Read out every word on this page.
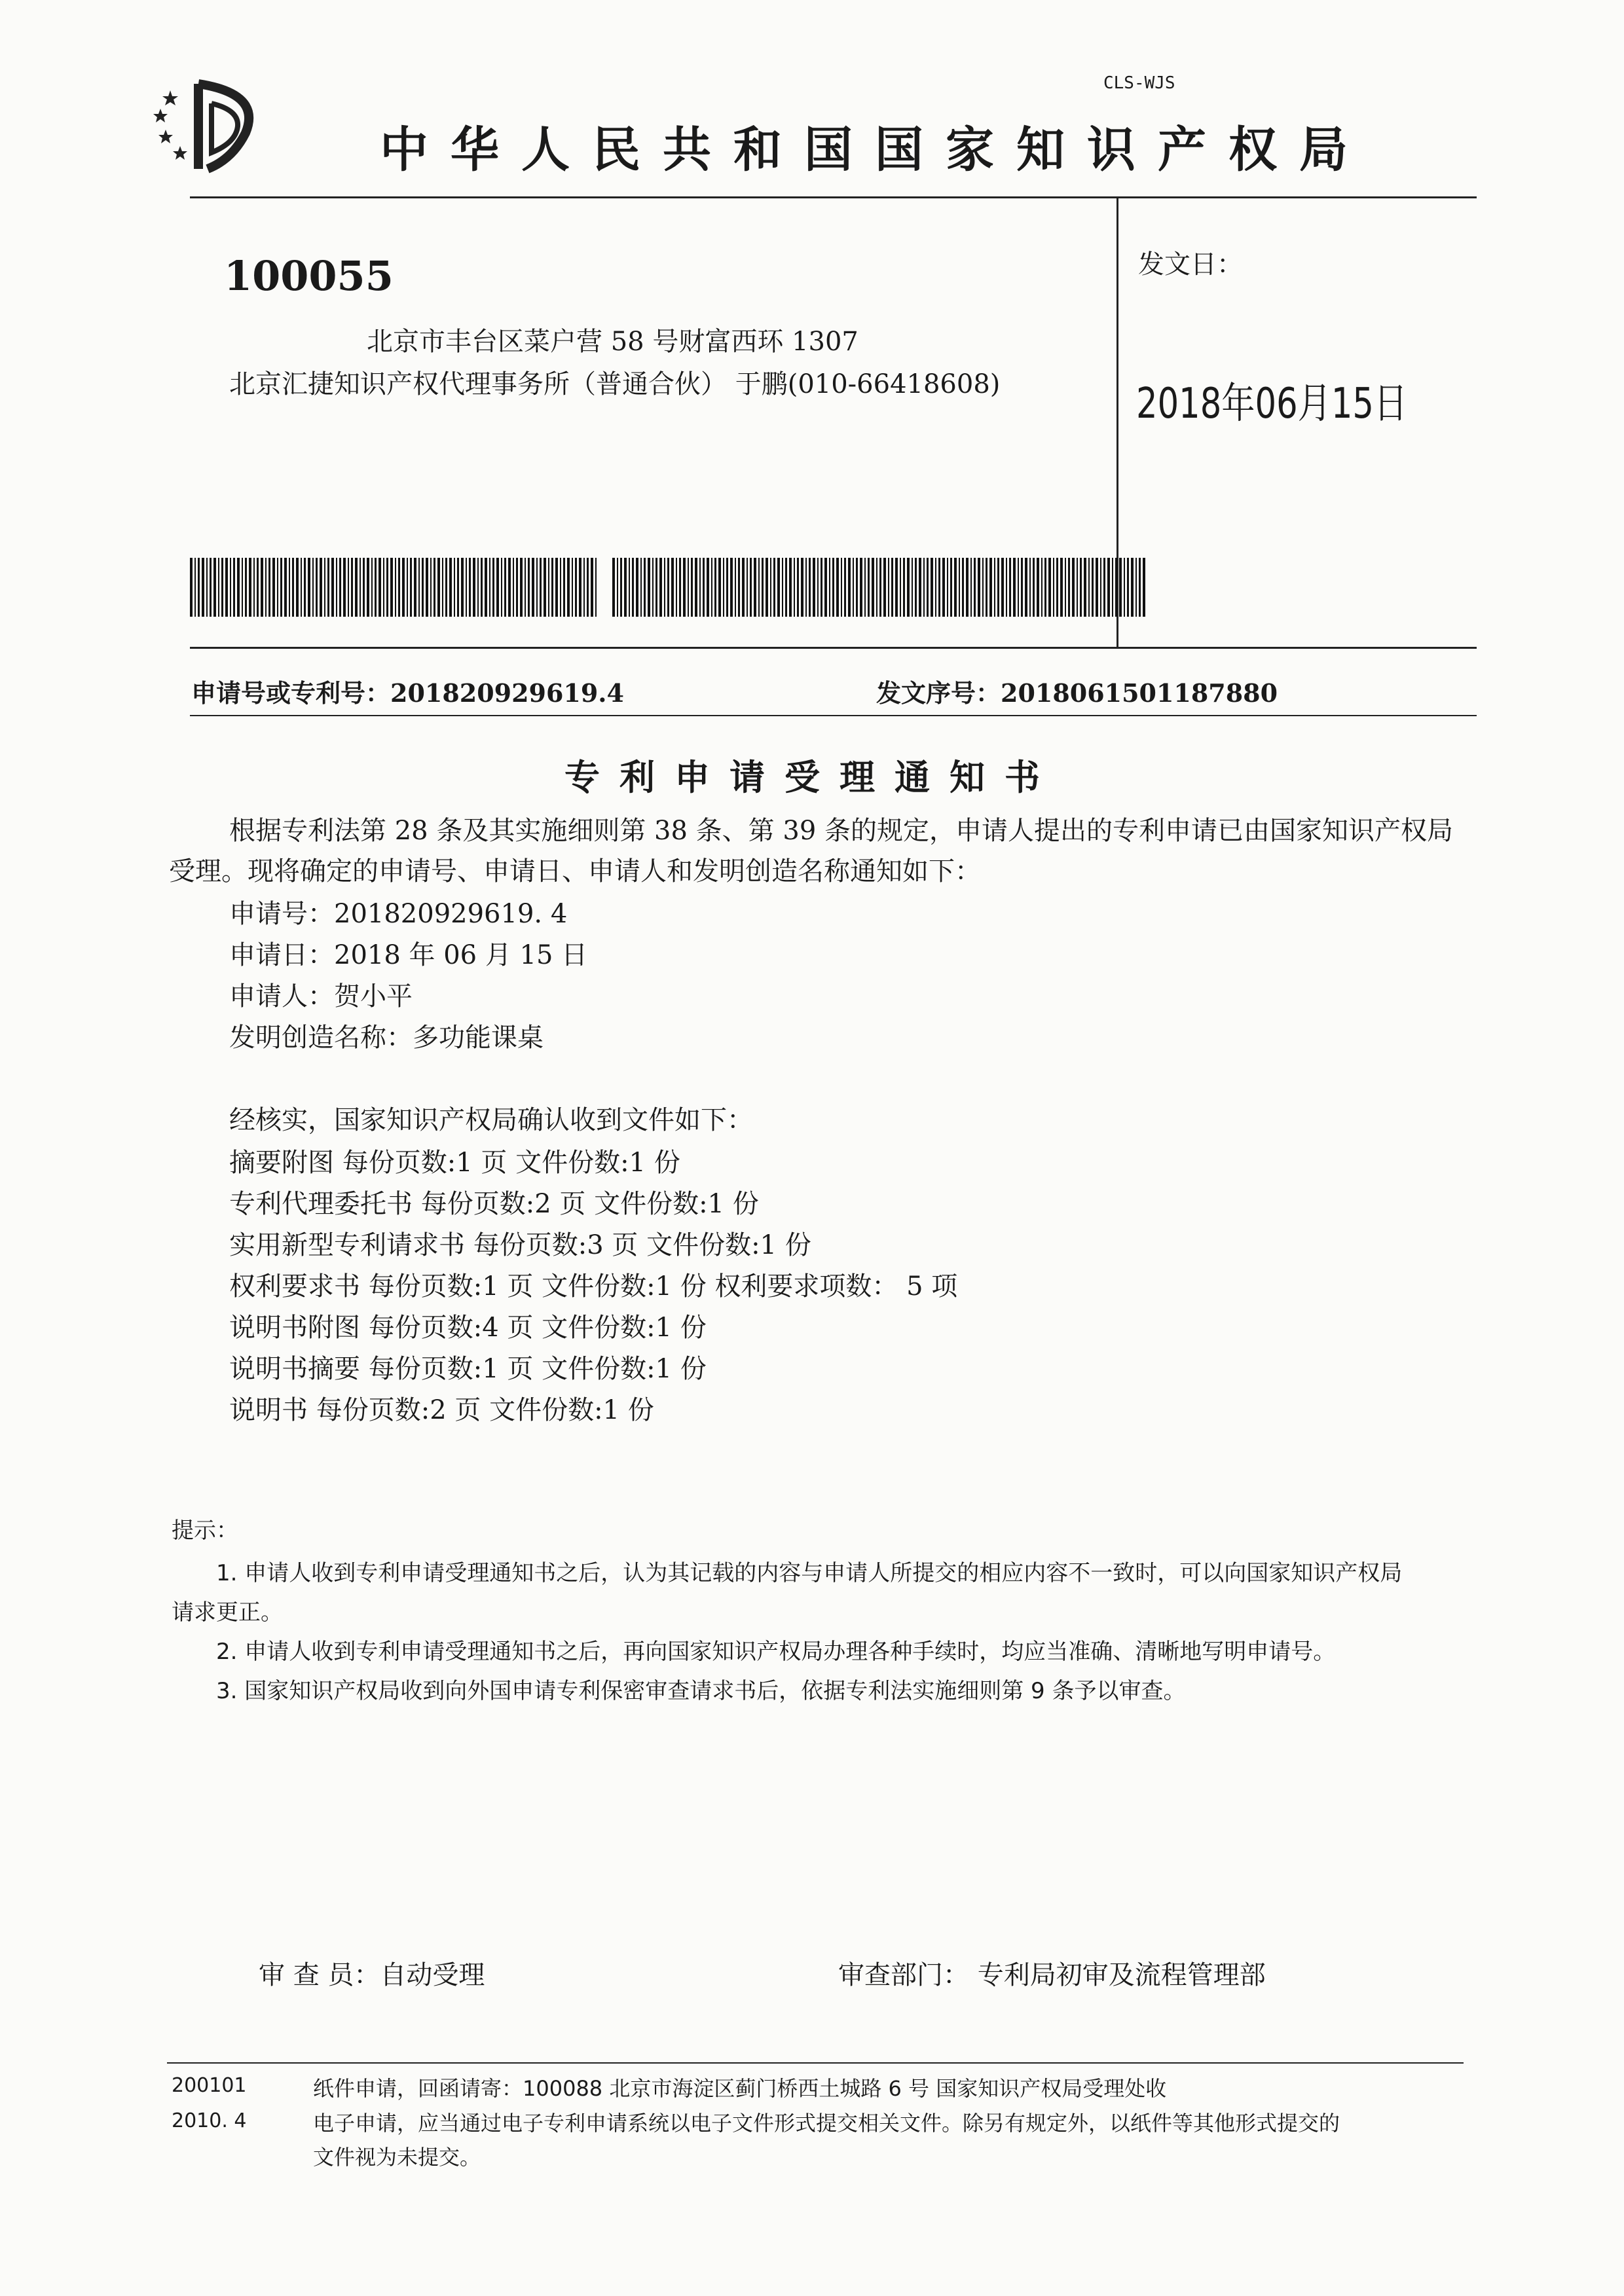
CLS-WJS
中华人民共和国国家知识产权局
100055
北京市丰台区菜户营 58 号财富西环 1307
北京汇捷知识产权代理事务所（普通合伙） 于鹏(010-66418608)
发文日：
2018年06月15日
申请号或专利号：201820929619.4	发文序号：2018061501187880
专利申请受理通知书
根据专利法第 28 条及其实施细则第 38 条、第 39 条的规定，申请人提出的专利申请已由国家知识产权局
受理。现将确定的申请号、申请日、申请人和发明创造名称通知如下：
申请号：201820929619. 4
申请日：2018 年 06 月 15 日
申请人：贺小平
发明创造名称：多功能课桌
经核实，国家知识产权局确认收到文件如下：
摘要附图 每份页数:1 页 文件份数:1 份
专利代理委托书 每份页数:2 页 文件份数:1 份
实用新型专利请求书 每份页数:3 页 文件份数:1 份
权利要求书 每份页数:1 页 文件份数:1 份 权利要求项数： 5 项
说明书附图 每份页数:4 页 文件份数:1 份
说明书摘要 每份页数:1 页 文件份数:1 份
说明书 每份页数:2 页 文件份数:1 份
提示：
1. 申请人收到专利申请受理通知书之后，认为其记载的内容与申请人所提交的相应内容不一致时，可以向国家知识产权局
请求更正。
2. 申请人收到专利申请受理通知书之后，再向国家知识产权局办理各种手续时，均应当准确、清晰地写明申请号。
3. 国家知识产权局收到向外国申请专利保密审查请求书后，依据专利法实施细则第 9 条予以审查。
审 查 员：自动受理	审查部门： 专利局初审及流程管理部
200101
2010. 4
纸件申请，回函请寄：100088 北京市海淀区蓟门桥西土城路 6 号 国家知识产权局受理处收
电子申请，应当通过电子专利申请系统以电子文件形式提交相关文件。除另有规定外，以纸件等其他形式提交的
文件视为未提交。
